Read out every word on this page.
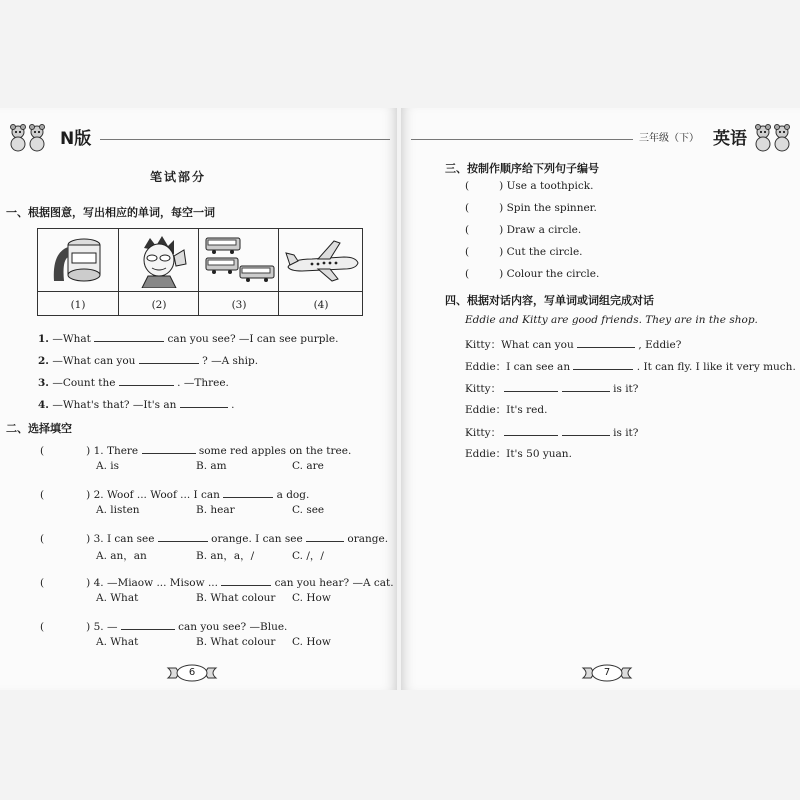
N版
笔试部分
一、根据图意，写出相应的单词，每空一词
(1)	(2)	(3)	(4)
1. —What	can you see? —I can see purple.
2. —What can you	? —A ship.
3. —Count the	. —Three.
4. —What's that? —It's an	.
二、选择填空
(	) 1. There	some red apples on the tree.
A. is	B. am	C. are
(	) 2. Woof ... Woof ... I can	a dog.
A. listen	B. hear	C. see
(	) 3. I can see	orange. I can see	orange.
A. an，an	B. an，a，/	C. /，/
(	) 4. —Miaow ... Misow ...	can you hear? —A cat.
A. What	B. What colour C. How
(	) 5. —	can you see? —Blue.
A. What	B. What colour C. How
6
三年级（下） 英语
三、按制作顺序给下列句子编号
(	) Use a toothpick.
(	) Spin the spinner.
(	) Draw a circle.
(	) Cut the circle.
(	) Colour the circle.
四、根据对话内容，写单词或词组完成对话
Eddie and Kitty are good friends. They are in the shop.
Kitty：What can you	, Eddie?
Eddie：I can see an	. It can fly. I like it very much.
Kitty：	is it?
Eddie：It's red.
Kitty：	is it?
Eddie：It's 50 yuan.
7
